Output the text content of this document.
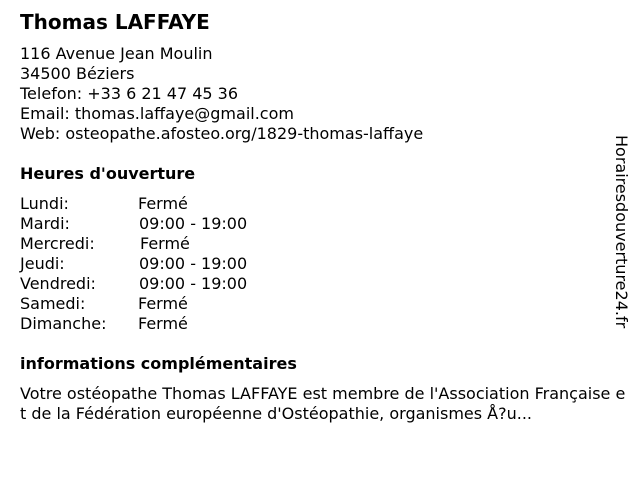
Thomas LAFFAYE
116 Avenue Jean Moulin
34500 Béziers
Telefon: +33 6 21 47 45 36
Email: thomas.laffaye@gmail.com
Web: osteopathe.afosteo.org/1829-thomas-laffaye
Heures d'ouverture
Lundi:	Fermé
Mardi:	09:00 - 19:00
Mercredi:	Fermé
Jeudi:	09:00 - 19:00
Vendredi:	09:00 - 19:00
Samedi:	Fermé
Dimanche: Fermé
informations complémentaires
Votre ostéopathe Thomas LAFFAYE est membre de l'Association Française et de la Fédération européenne d'Ostéopathie, organismes Å?u...
Horairesdouverture24.fr
